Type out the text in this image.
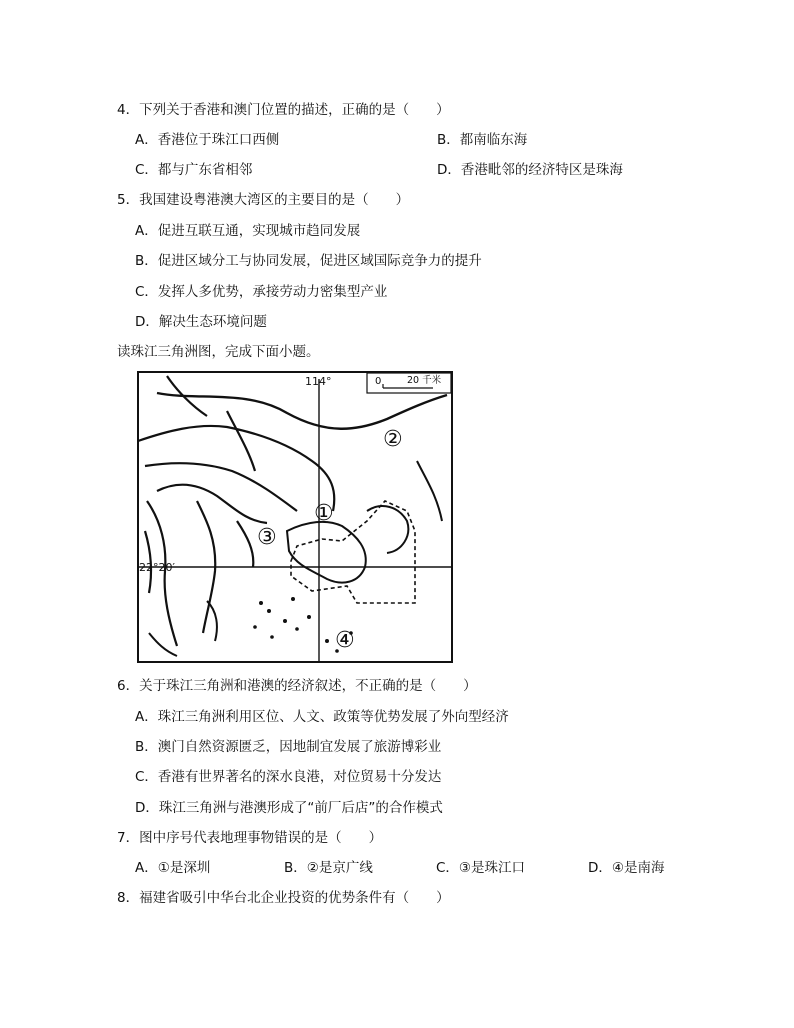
4．下列关于香港和澳门位置的描述，正确的是（　　）
A．香港位于珠江口西侧	B．都南临东海
C．都与广东省相邻	D．香港毗邻的经济特区是珠海
5．我国建设粤港澳大湾区的主要目的是（　　）
A．促进互联互通，实现城市趋同发展
B．促进区域分工与协同发展，促进区域国际竞争力的提升
C．发挥人多优势，承接劳动力密集型产业
D．解决生态环境问题
读珠江三角洲图，完成下面小题。
0	20 千米
114°
22°20′
①
②
③
④
6．关于珠江三角洲和港澳的经济叙述，不正确的是（　　）
A．珠江三角洲利用区位、人文、政策等优势发展了外向型经济
B．澳门自然资源匮乏，因地制宜发展了旅游博彩业
C．香港有世界著名的深水良港，对位贸易十分发达
D．珠江三角洲与港澳形成了“前厂后店”的合作模式
7．图中序号代表地理事物错误的是（　　）
A．①是深圳	B．②是京广线	C．③是珠江口	D．④是南海
8．福建省吸引中华台北企业投资的优势条件有（　　）
